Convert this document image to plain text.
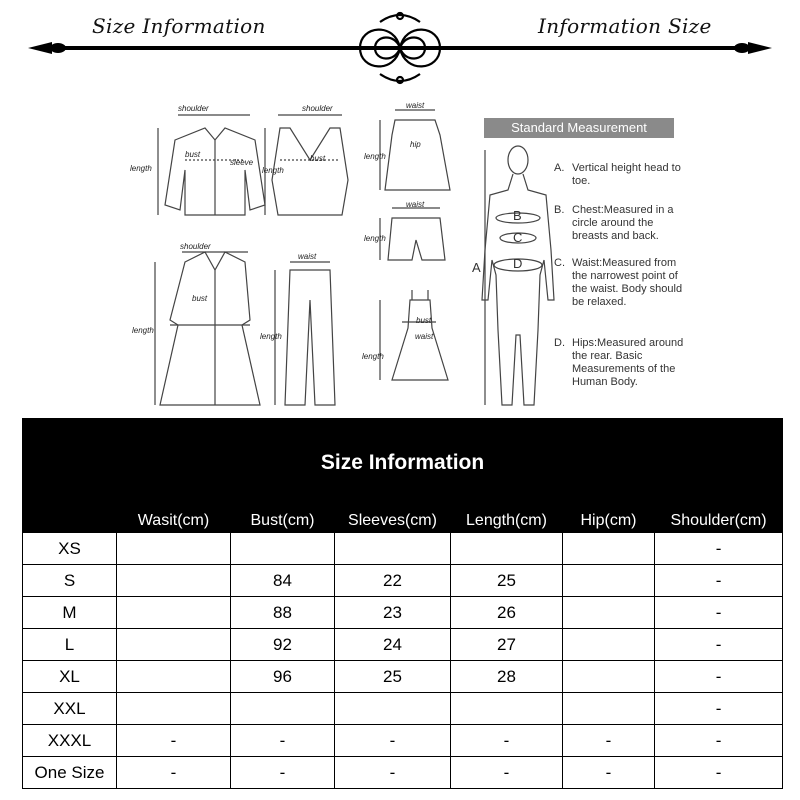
Size Information	Information Size
shoulder
length
bust
sleeve
shoulder
length
bust
waist
length
hip
waist
length
shoulder
length
bust
waist
length
bust
waist
length
Standard Measurement
A
B
C
D
A. Vertical height head to toe.
B. Chest:Measured in a circle around the breasts and back.
C. Waist:Measured from the narrowest point of the waist. Body should be relaxed.
D. Hips:Measured around the rear. Basic Measurements of the Human Body.
Size Information						
	Wasit(cm)	Bust(cm)	Sleeves(cm)	Length(cm)	Hip(cm)	Shoulder(cm)
XS						-
S		84	22	25		-
M		88	23	26		-
L		92	24	27		-
XL		96	25	28		-
XXL						-
XXXL	-	-	-	-	-	-
One Size	-	-	-	-	-	-
